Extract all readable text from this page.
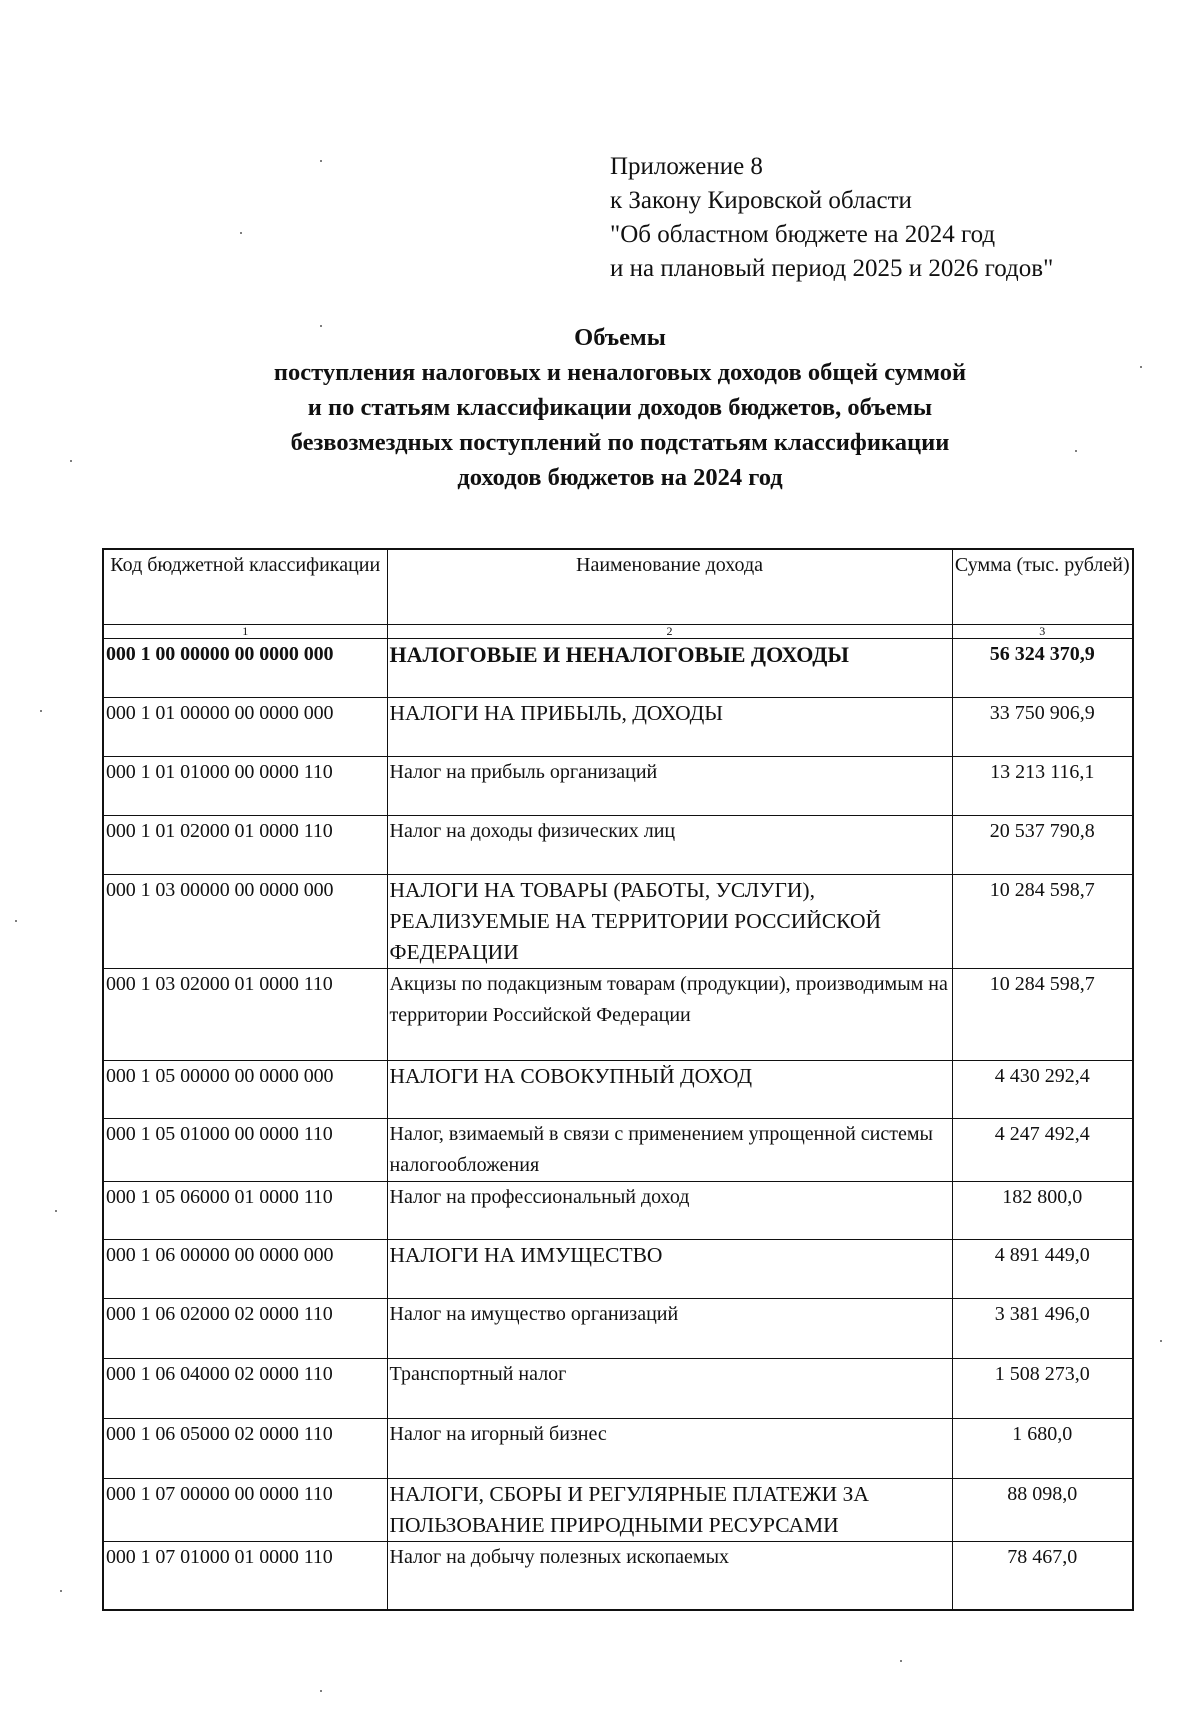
Приложение 8
к Закону Кировской области
"Об областном бюджете на 2024 год
и на плановый период 2025 и 2026 годов"
Объемы
поступления налоговых и неналоговых доходов общей суммой
и по статьям классификации доходов бюджетов, объемы
безвозмездных поступлений по подстатьям классификации
доходов бюджетов на 2024 год
Код бюджетной классификации	Наименование дохода	Сумма (тыс. рублей)
1	2	3
000 1 00 00000 00 0000 000	НАЛОГОВЫЕ И НЕНАЛОГОВЫЕ ДОХОДЫ	56 324 370,9
000 1 01 00000 00 0000 000	НАЛОГИ НА ПРИБЫЛЬ, ДОХОДЫ	33 750 906,9
000 1 01 01000 00 0000 110	Налог на прибыль организаций	13 213 116,1
000 1 01 02000 01 0000 110	Налог на доходы физических лиц	20 537 790,8
000 1 03 00000 00 0000 000	НАЛОГИ НА ТОВАРЫ (РАБОТЫ, УСЛУГИ), РЕАЛИЗУЕМЫЕ НА ТЕРРИТОРИИ РОССИЙСКОЙ ФЕДЕРАЦИИ	10 284 598,7
000 1 03 02000 01 0000 110	Акцизы по подакцизным товарам (продукции), производимым на территории Российской Федерации	10 284 598,7
000 1 05 00000 00 0000 000	НАЛОГИ НА СОВОКУПНЫЙ ДОХОД	4 430 292,4
000 1 05 01000 00 0000 110	Налог, взимаемый в связи с применением упрощенной системы налогообложения	4 247 492,4
000 1 05 06000 01 0000 110	Налог на профессиональный доход	182 800,0
000 1 06 00000 00 0000 000	НАЛОГИ НА ИМУЩЕСТВО	4 891 449,0
000 1 06 02000 02 0000 110	Налог на имущество организаций	3 381 496,0
000 1 06 04000 02 0000 110	Транспортный налог	1 508 273,0
000 1 06 05000 02 0000 110	Налог на игорный бизнес	1 680,0
000 1 07 00000 00 0000 110	НАЛОГИ, СБОРЫ И РЕГУЛЯРНЫЕ ПЛАТЕЖИ ЗА ПОЛЬЗОВАНИЕ ПРИРОДНЫМИ РЕСУРСАМИ	88 098,0
000 1 07 01000 01 0000 110	Налог на добычу полезных ископаемых	78 467,0
